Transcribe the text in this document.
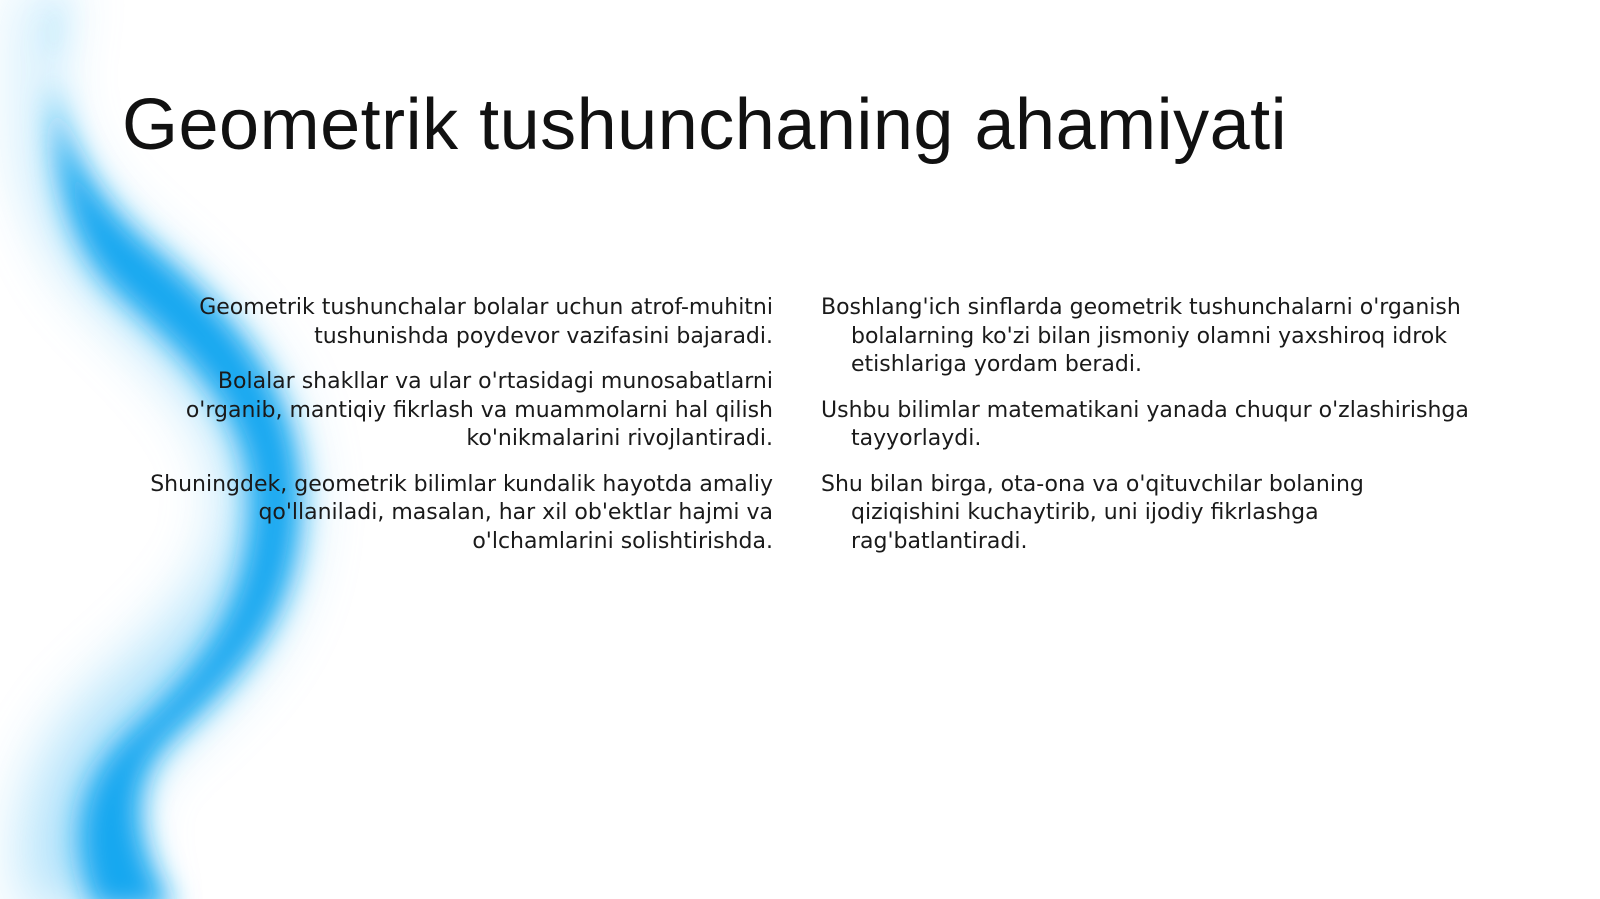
Geometrik tushunchaning ahamiyati

Geometrik tushunchalar bolalar uchun atrof-muhitni tushunishda poydevor vazifasini bajaradi.

Bolalar shakllar va ular o'rtasidagi munosabatlarni o'rganib, mantiqiy fikrlash va muammolarni hal qilish ko'nikmalarini rivojlantiradi.

Shuningdek, geometrik bilimlar kundalik hayotda amaliy qo'llaniladi, masalan, har xil ob'ektlar hajmi va o'lchamlarini solishtirishda.

Boshlang'ich sinflarda geometrik tushunchalarni o'rganish bolalarning ko'zi bilan jismoniy olamni yaxshiroq idrok etishlariga yordam beradi.

Ushbu bilimlar matematikani yanada chuqur o'zlashirishga tayyorlaydi.

Shu bilan birga, ota-ona va o'qituvchilar bolaning qiziqishini kuchaytirib, uni ijodiy fikrlashga rag'batlantiradi.
